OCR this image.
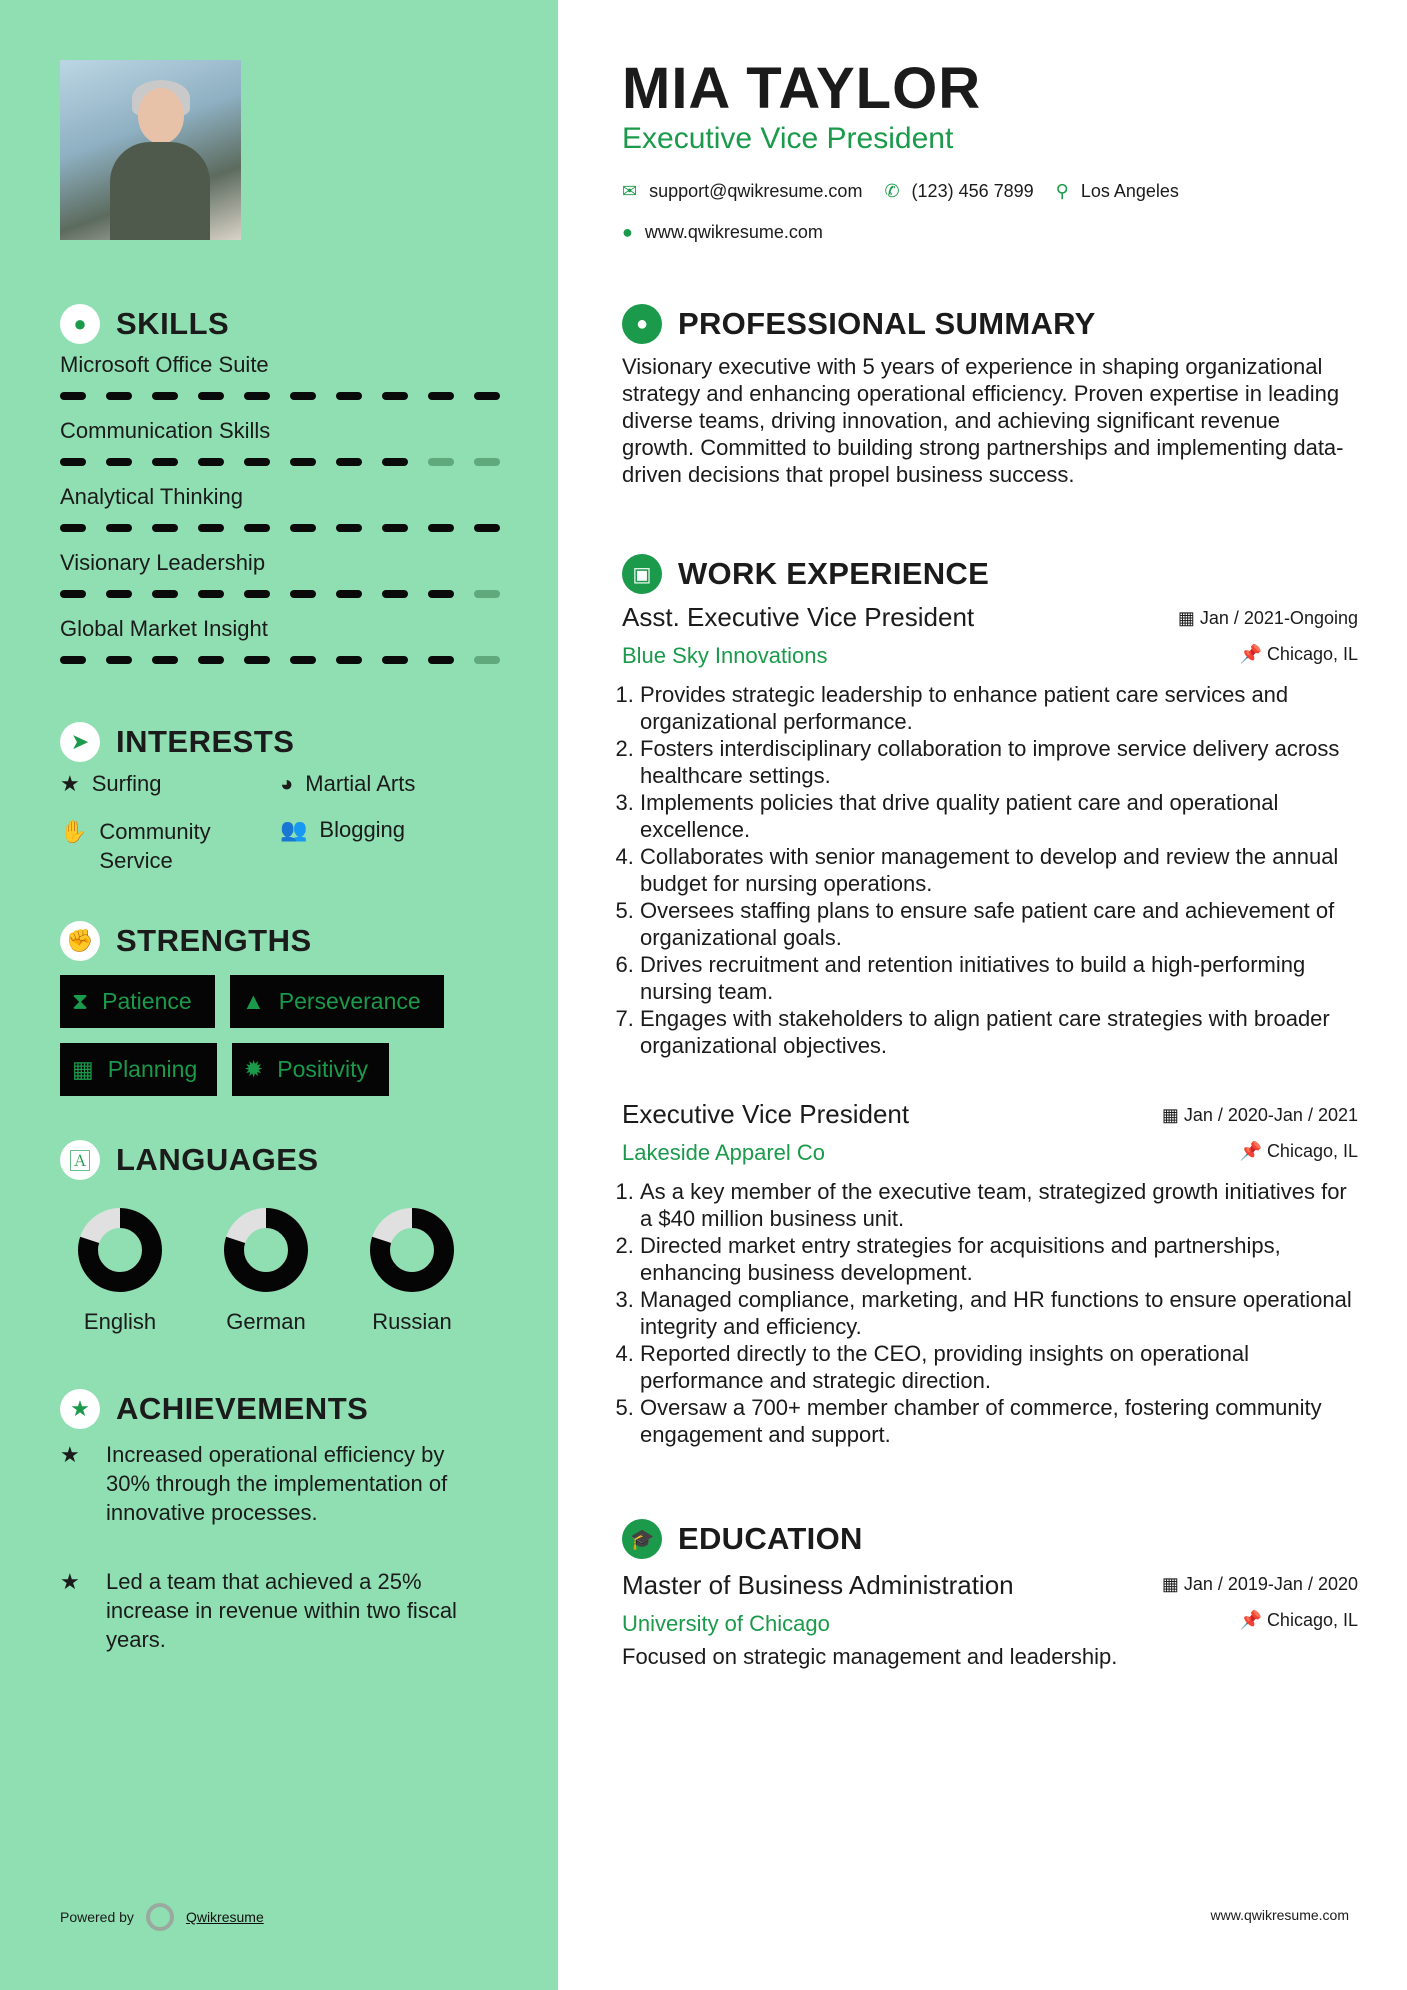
● SKILLS
Microsoft Office Suite
Communication Skills
Analytical Thinking
Visionary Leadership
Global Market Insight
➤ INTERESTS
★ Surfing	◕ Martial Arts
✋ Community Service
👥 Blogging
✊ STRENGTHS
⧗ Patience ▲ Perseverance
▦ Planning ✹ Positivity
🄰 LANGUAGES
English	German	Russian
★ ACHIEVEMENTS
★	Increased operational efficiency by 30% through the implementation of innovative processes.
★	Led a team that achieved a 25% increase in revenue within two fiscal years.
Powered by	Qwikresume
MIA TAYLOR
Executive Vice President
✉ support@qwikresume.com ✆ (123) 456 7899 ⚲ Los Angeles
● www.qwikresume.com
● PROFESSIONAL SUMMARY
Visionary executive with 5 years of experience in shaping organizational strategy and enhancing operational efficiency. Proven expertise in leading diverse teams, driving innovation, and achieving significant revenue growth. Committed to building strong partnerships and implementing data-driven decisions that propel business success.
▣ WORK EXPERIENCE
Asst. Executive Vice President
Blue Sky Innovations
▦ Jan / 2021-Ongoing
📌 Chicago, IL
1. Provides strategic leadership to enhance patient care services and organizational performance.
2. Fosters interdisciplinary collaboration to improve service delivery across healthcare settings.
3. Implements policies that drive quality patient care and operational excellence.
4. Collaborates with senior management to develop and review the annual budget for nursing operations.
5. Oversees staffing plans to ensure safe patient care and achievement of organizational goals.
6. Drives recruitment and retention initiatives to build a high-performing nursing team.
7. Engages with stakeholders to align patient care strategies with broader organizational objectives.
Executive Vice President
Lakeside Apparel Co
▦ Jan / 2020-Jan / 2021
📌 Chicago, IL
1. As a key member of the executive team, strategized growth initiatives for a $40 million business unit.
2. Directed market entry strategies for acquisitions and partnerships, enhancing business development.
3. Managed compliance, marketing, and HR functions to ensure operational integrity and efficiency.
4. Reported directly to the CEO, providing insights on operational performance and strategic direction.
5. Oversaw a 700+ member chamber of commerce, fostering community engagement and support.
🎓 EDUCATION
Master of Business Administration
University of Chicago
Focused on strategic management and leadership.
▦ Jan / 2019-Jan / 2020
📌 Chicago, IL
www.qwikresume.com
